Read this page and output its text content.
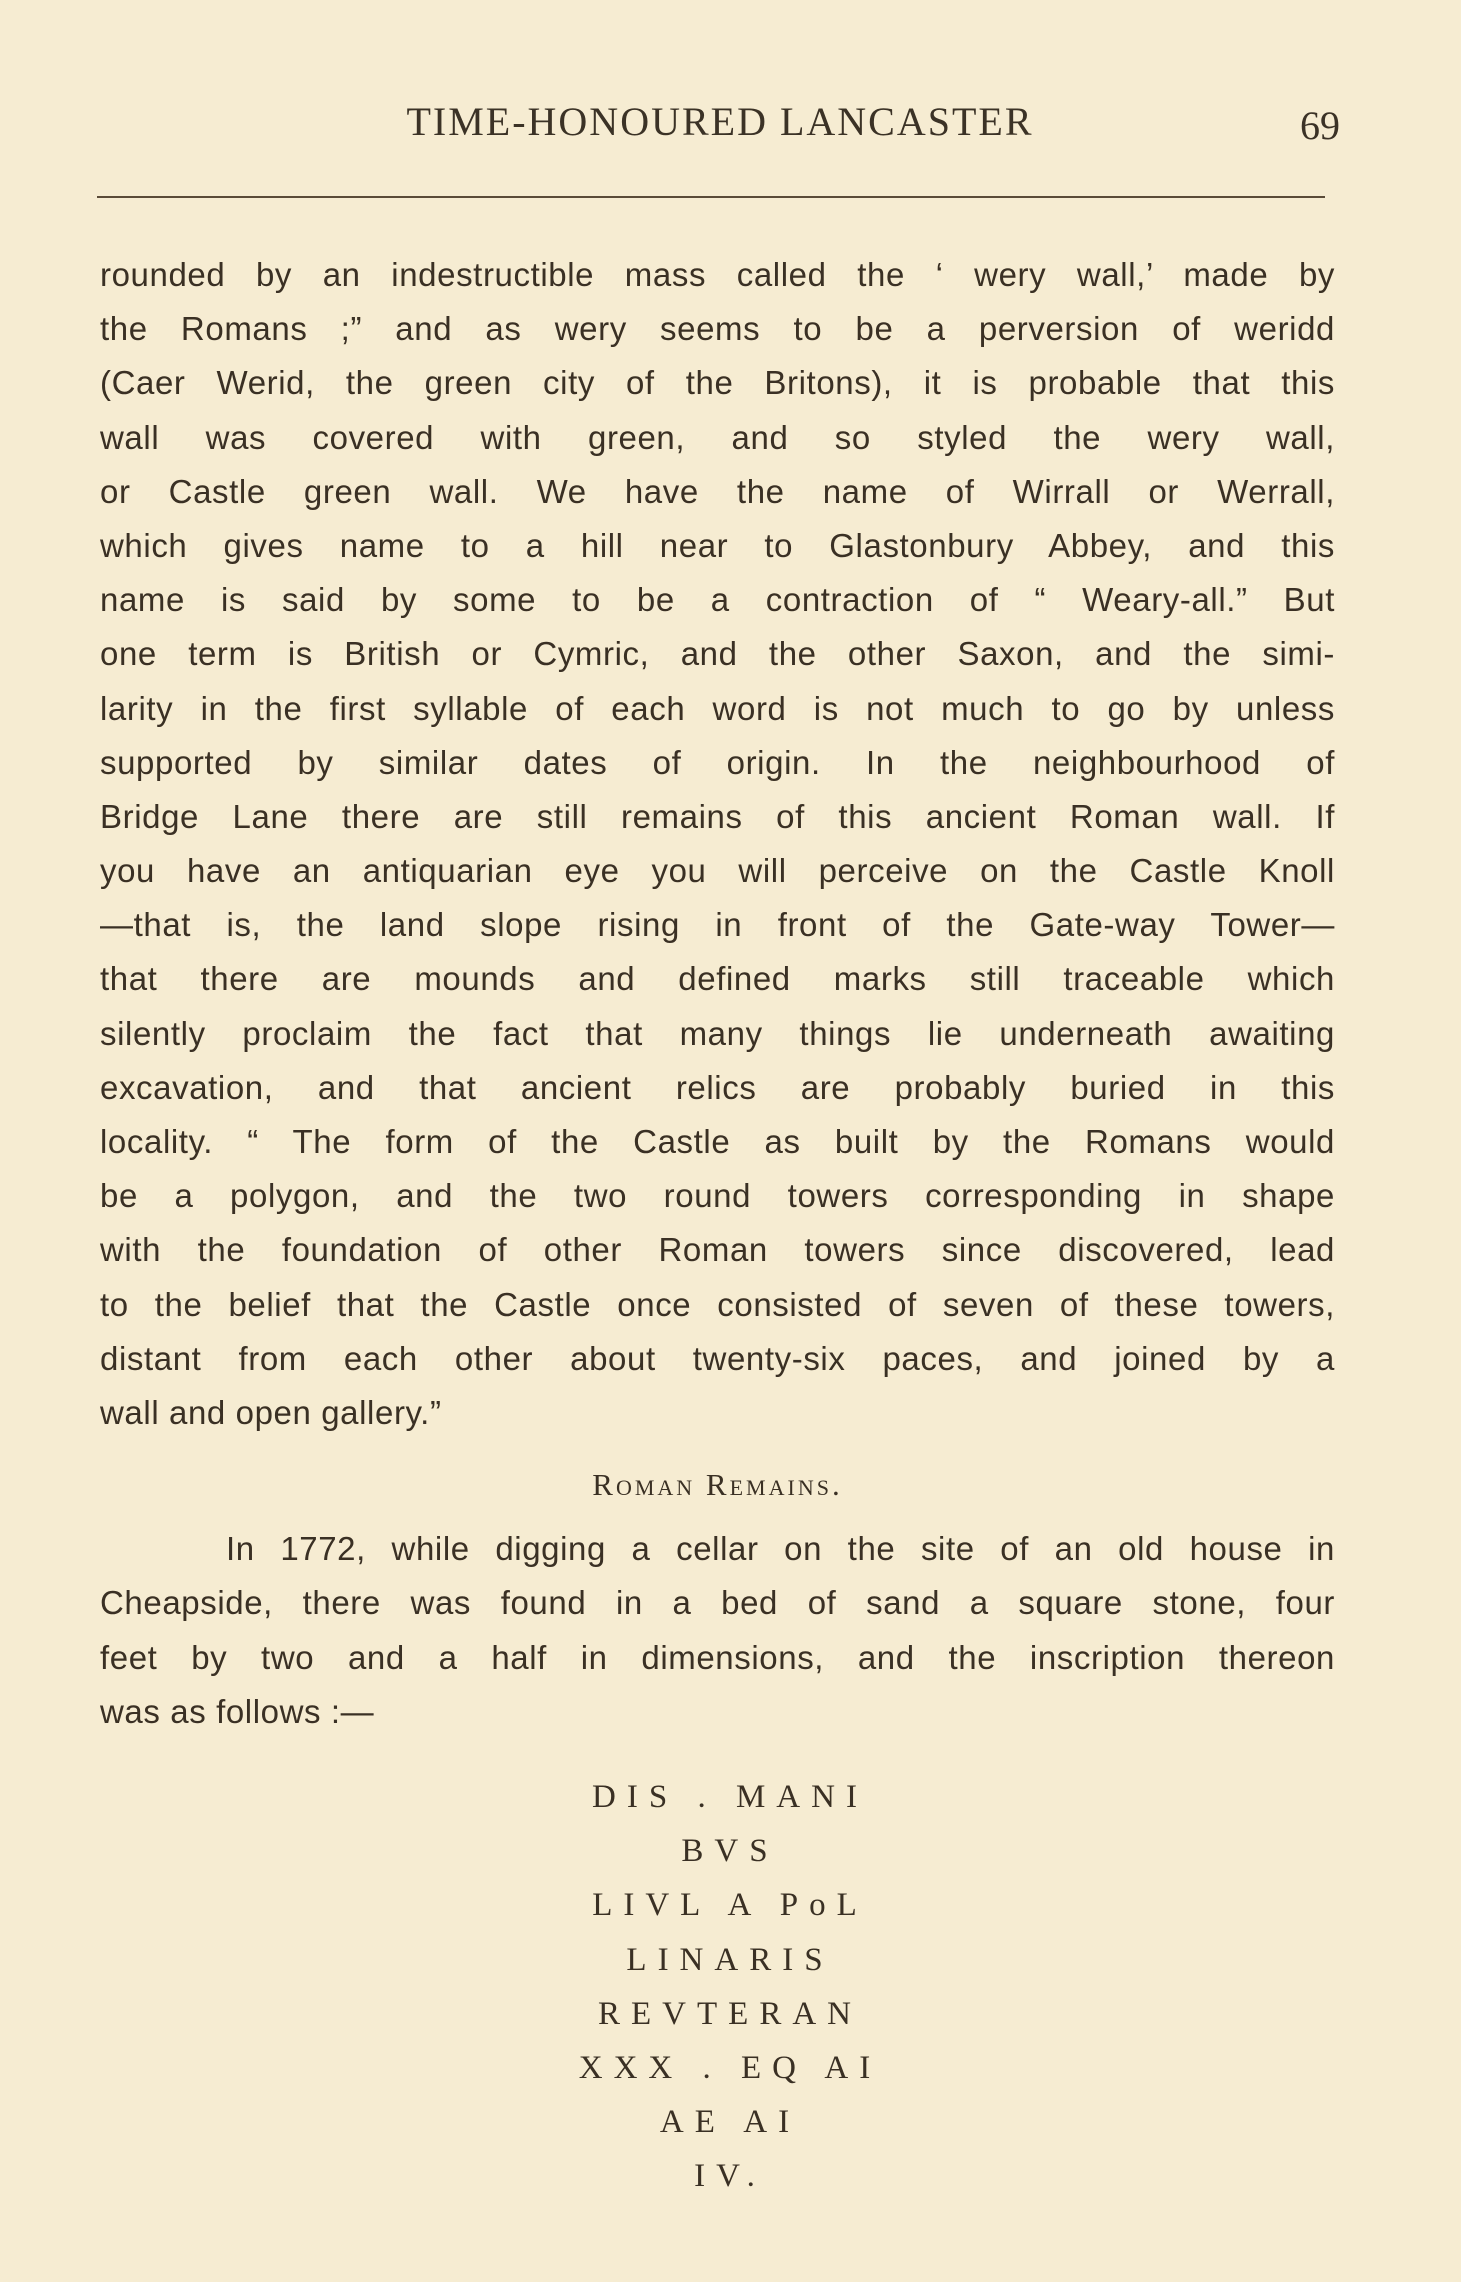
TIME-HONOURED LANCASTER	69
rounded by an indestructible mass called the ‘ wery wall,’ made by
the Romans ;” and as wery seems to be a perversion of weridd
(Caer Werid, the green city of the Britons), it is probable that this
wall was covered with green, and so styled the wery wall,
or Castle green wall. We have the name of Wirrall or Werrall,
which gives name to a hill near to Glastonbury Abbey, and this
name is said by some to be a contraction of “ Weary-all.” But
one term is British or Cymric, and the other Saxon, and the simi-
larity in the first syllable of each word is not much to go by unless
supported by similar dates of origin. In the neighbourhood of
Bridge Lane there are still remains of this ancient Roman wall. If
you have an antiquarian eye you will perceive on the Castle Knoll
—that is, the land slope rising in front of the Gate-way Tower—
that there are mounds and defined marks still traceable which
silently proclaim the fact that many things lie underneath awaiting
excavation, and that ancient relics are probably buried in this
locality. “ The form of the Castle as built by the Romans would
be a polygon, and the two round towers corresponding in shape
with the foundation of other Roman towers since discovered, lead
to the belief that the Castle once consisted of seven of these towers,
distant from each other about twenty-six paces, and joined by a
wall and open gallery.”
Roman Remains.
In 1772, while digging a cellar on the site of an old house in
Cheapside, there was found in a bed of sand a square stone, four
feet by two and a half in dimensions, and the inscription thereon
was as follows :—
DIS . MANI
BVS
LIVL A PoL
LINARIS
REVTERAN
XXX . EQ AI
AE AI
IV.
